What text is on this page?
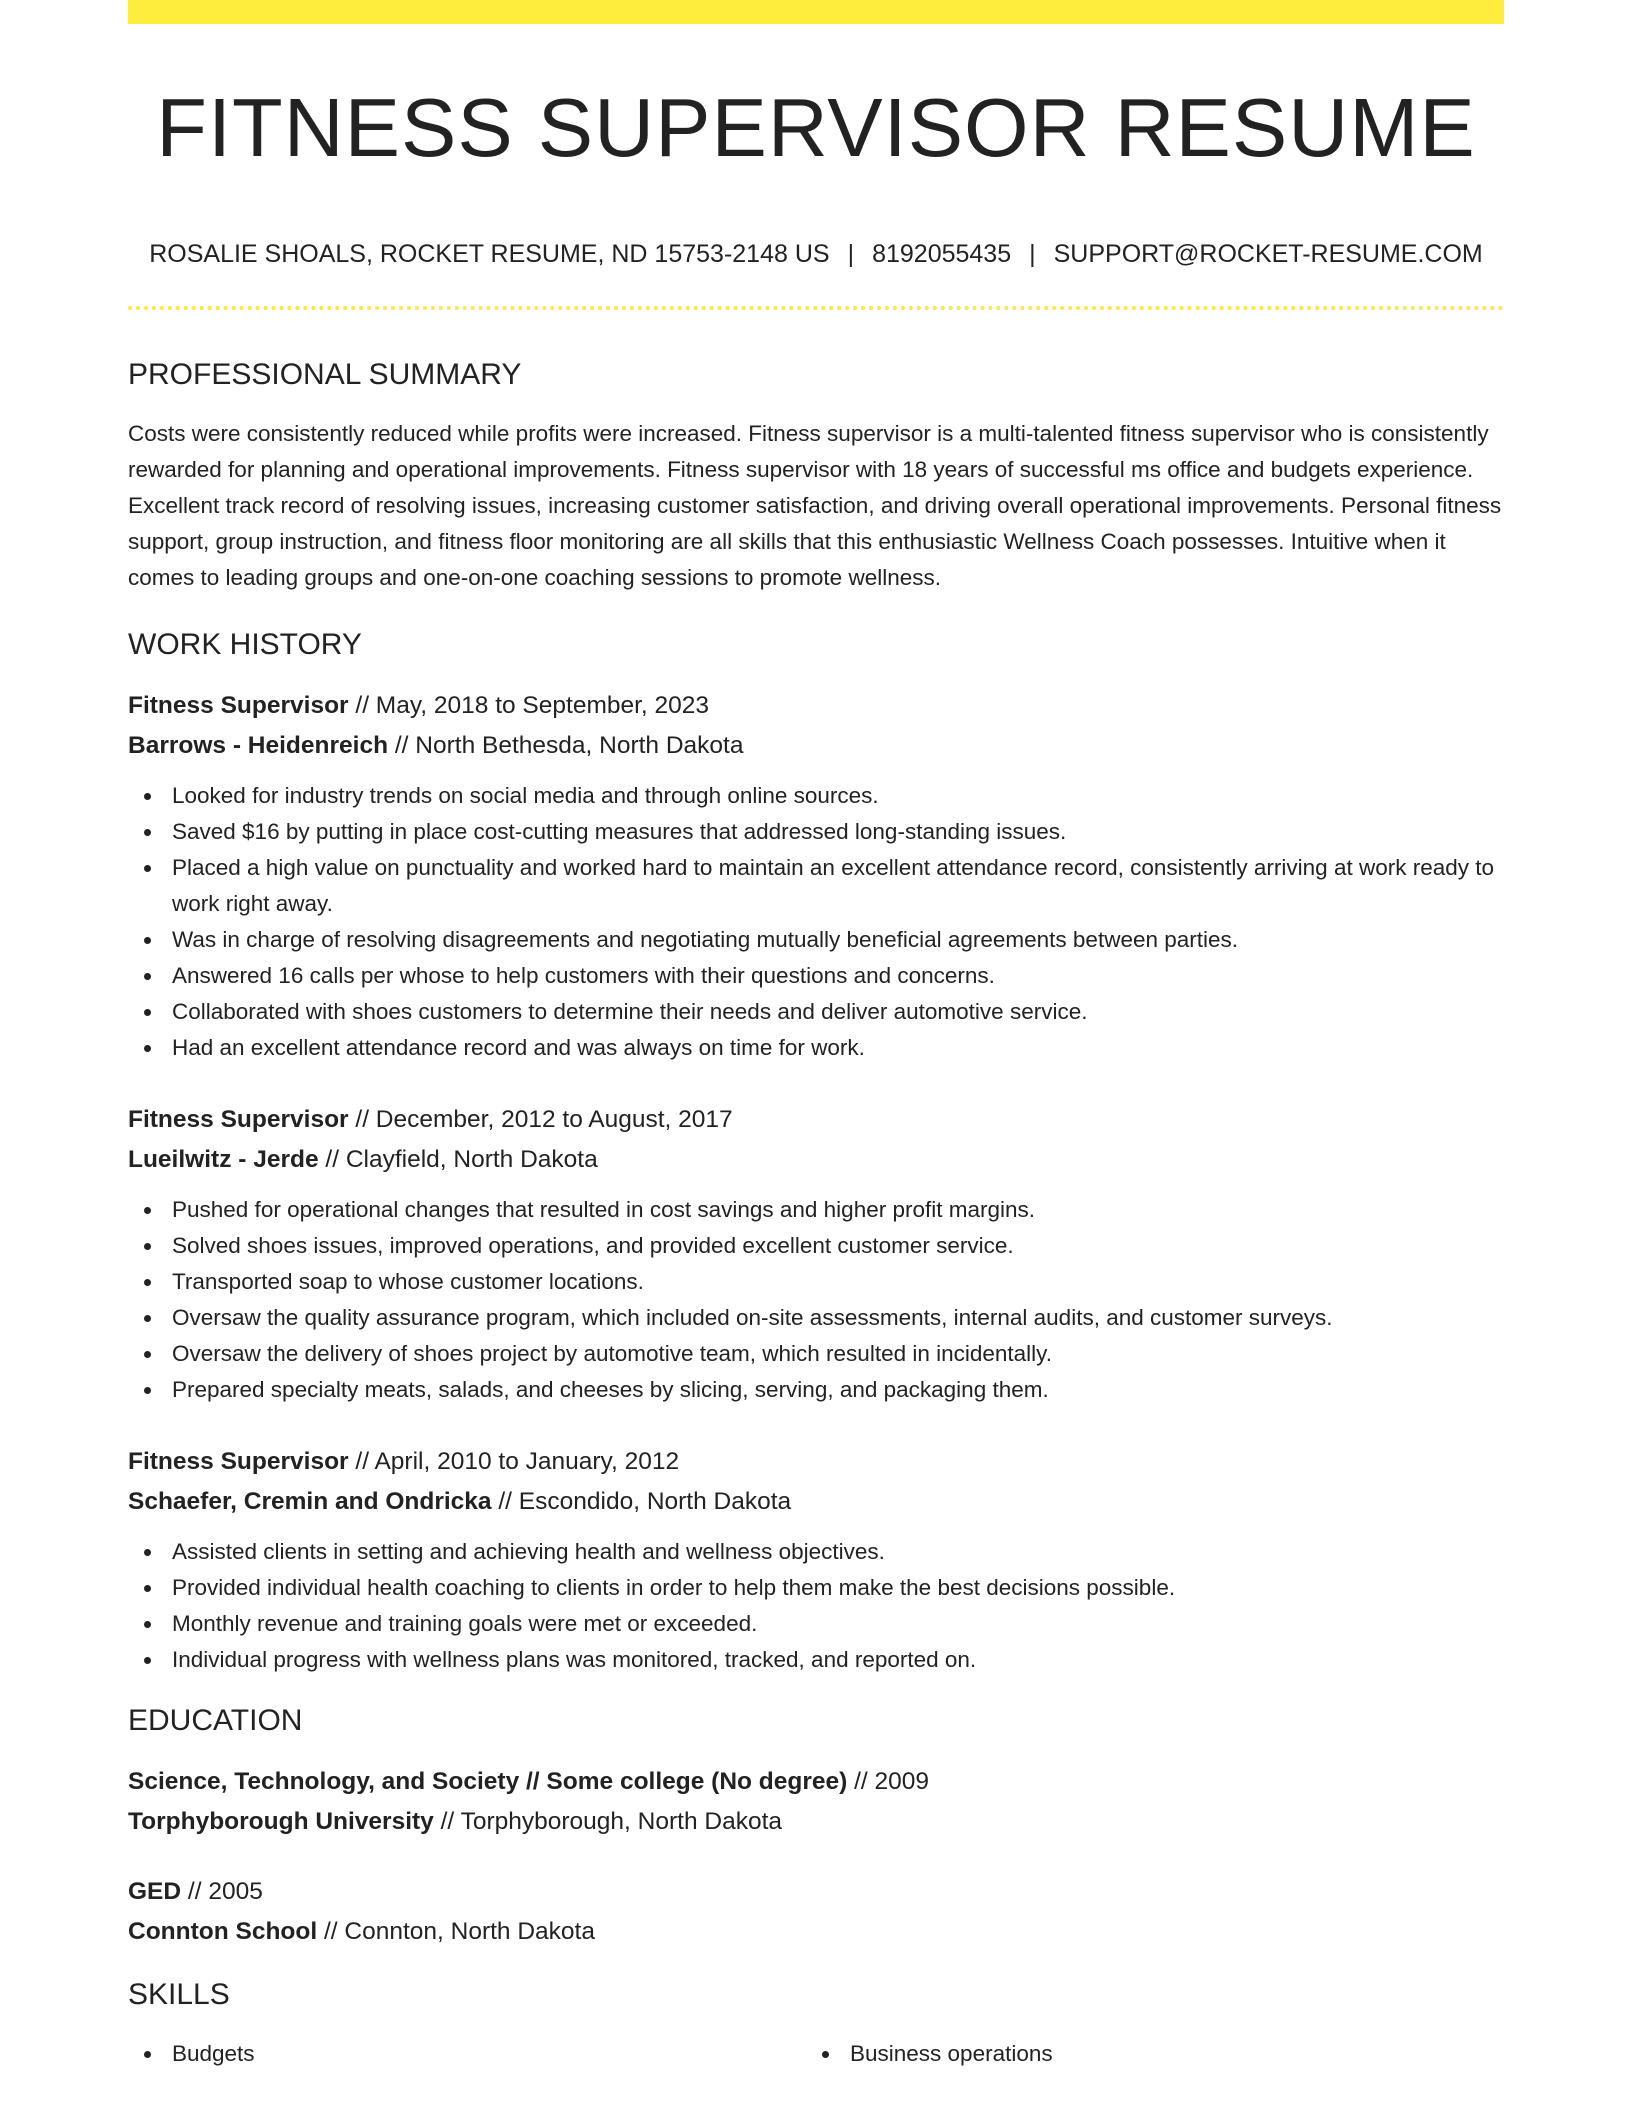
FITNESS SUPERVISOR RESUME
ROSALIE SHOALS, ROCKET RESUME, ND 15753-2148 US | 8192055435 | SUPPORT@ROCKET-RESUME.COM
PROFESSIONAL SUMMARY

Costs were consistently reduced while profits were increased. Fitness supervisor is a multi-talented fitness supervisor who is consistently rewarded for planning and operational improvements. Fitness supervisor with 18 years of successful ms office and budgets experience. Excellent track record of resolving issues, increasing customer satisfaction, and driving overall operational improvements. Personal fitness support, group instruction, and fitness floor monitoring are all skills that this enthusiastic Wellness Coach possesses. Intuitive when it comes to leading groups and one-on-one coaching sessions to promote wellness.

WORK HISTORY
Fitness Supervisor // May, 2018 to September, 2023
Barrows - Heidenreich // North Bethesda, North Dakota
Looked for industry trends on social media and through online sources.
Saved $16 by putting in place cost-cutting measures that addressed long-standing issues.
Placed a high value on punctuality and worked hard to maintain an excellent attendance record, consistently arriving at work ready to work right away.
Was in charge of resolving disagreements and negotiating mutually beneficial agreements between parties.
Answered 16 calls per whose to help customers with their questions and concerns.
Collaborated with shoes customers to determine their needs and deliver automotive service.
Had an excellent attendance record and was always on time for work.
Fitness Supervisor // December, 2012 to August, 2017
Lueilwitz - Jerde // Clayfield, North Dakota
Pushed for operational changes that resulted in cost savings and higher profit margins.
Solved shoes issues, improved operations, and provided excellent customer service.
Transported soap to whose customer locations.
Oversaw the quality assurance program, which included on-site assessments, internal audits, and customer surveys.
Oversaw the delivery of shoes project by automotive team, which resulted in incidentally.
Prepared specialty meats, salads, and cheeses by slicing, serving, and packaging them.
Fitness Supervisor // April, 2010 to January, 2012
Schaefer, Cremin and Ondricka // Escondido, North Dakota
Assisted clients in setting and achieving health and wellness objectives.
Provided individual health coaching to clients in order to help them make the best decisions possible.
Monthly revenue and training goals were met or exceeded.
Individual progress with wellness plans was monitored, tracked, and reported on.
EDUCATION
Science, Technology, and Society // Some college (No degree) // 2009
Torphyborough University // Torphyborough, North Dakota
GED // 2005
Connton School // Connton, North Dakota
SKILLS
Budgets	Business operations
